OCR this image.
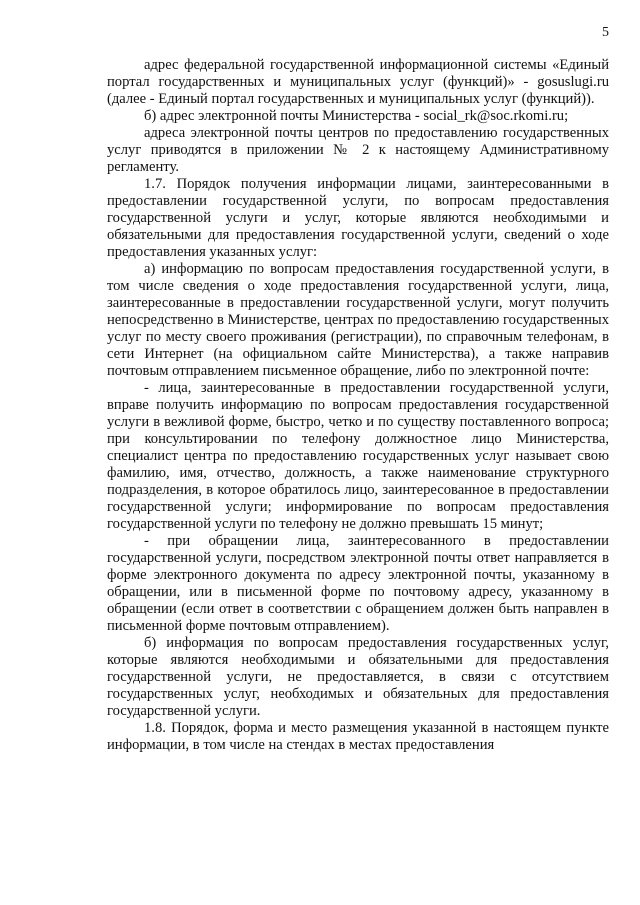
5

адрес федеральной государственной информационной системы «Единый портал государственных и муниципальных услуг (функций)» - gosuslugi.ru (далее - Единый портал государственных и муниципальных услуг (функций)).

б) адрес электронной почты Министерства - social_rk@soc.rkomi.ru;

адреса электронной почты центров по предоставлению государственных услуг приводятся в приложении № 2 к настоящему Административному регламенту.

1.7. Порядок получения информации лицами, заинтересованными в предоставлении государственной услуги, по вопросам предоставления государственной услуги и услуг, которые являются необходимыми и обязательными для предоставления государственной услуги, сведений о ходе предоставления указанных услуг:

а) информацию по вопросам предоставления государственной услуги, в том числе сведения о ходе предоставления государственной услуги, лица, заинтересованные в предоставлении государственной услуги, могут получить непосредственно в Министерстве, центрах по предоставлению государственных услуг по месту своего проживания (регистрации), по справочным телефонам, в сети Интернет (на официальном сайте Министерства), а также направив почтовым отправлением письменное обращение, либо по электронной почте:

- лица, заинтересованные в предоставлении государственной услуги, вправе получить информацию по вопросам предоставления государственной услуги в вежливой форме, быстро, четко и по существу поставленного вопроса; при консультировании по телефону должностное лицо Министерства, специалист центра по предоставлению государственных услуг называет свою фамилию, имя, отчество, должность, а также наименование структурного подразделения, в которое обратилось лицо, заинтересованное в предоставлении государственной услуги; информирование по вопросам предоставления государственной услуги по телефону не должно превышать 15 минут;

- при обращении лица, заинтересованного в предоставлении государственной услуги, посредством электронной почты ответ направляется в форме электронного документа по адресу электронной почты, указанному в обращении, или в письменной форме по почтовому адресу, указанному в обращении (если ответ в соответствии с обращением должен быть направлен в письменной форме почтовым отправлением).

б) информация по вопросам предоставления государственных услуг, которые являются необходимыми и обязательными для предоставления государственной услуги, не предоставляется, в связи с отсутствием государственных услуг, необходимых и обязательных для предоставления государственной услуги.

1.8. Порядок, форма и место размещения указанной в настоящем пункте информации, в том числе на стендах в местах предоставления
